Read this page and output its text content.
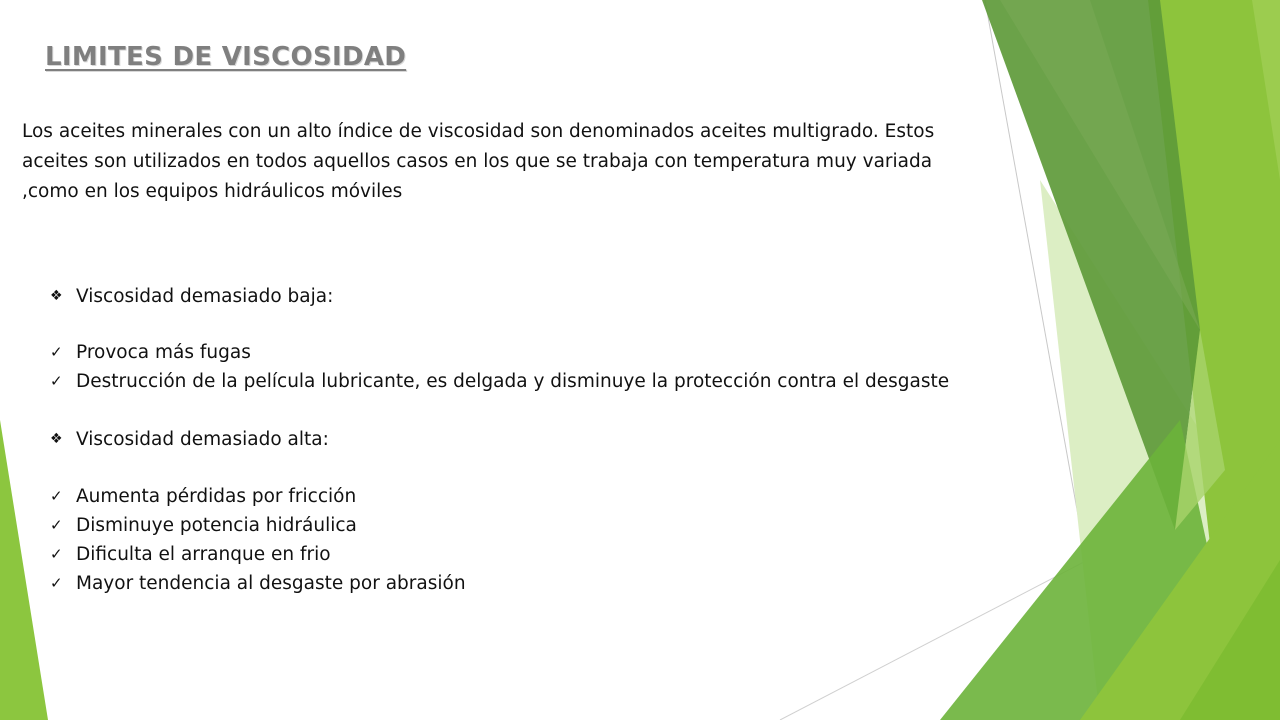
LIMITES DE VISCOSIDAD

Los aceites minerales con un alto índice de viscosidad son denominados aceites multigrado. Estos aceites son utilizados en todos aquellos casos en los que se trabaja con temperatura muy variada ,como en los equipos hidráulicos móviles

❖ Viscosidad demasiado baja:
✓ Provoca más fugas
✓ Destrucción de la película lubricante, es delgada y disminuye la protección contra el desgaste
❖ Viscosidad demasiado alta:
✓ Aumenta pérdidas por fricción
✓ Disminuye potencia hidráulica
✓ Dificulta el arranque en frio
✓ Mayor tendencia al desgaste por abrasión
